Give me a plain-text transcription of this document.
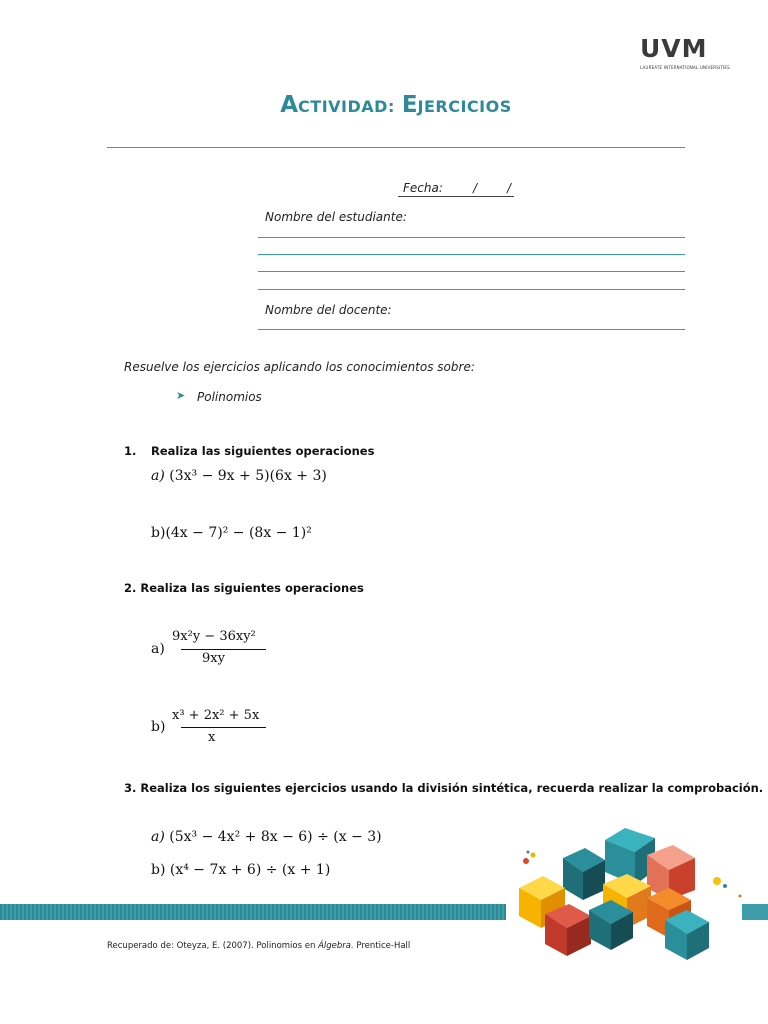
UVM
LAUREATE INTERNATIONAL UNIVERSITIES
ACTIVIDAD: EJERCICIOS
Fecha:	/ /
Nombre del estudiante:
Nombre del docente:
Resuelve los ejercicios aplicando los conocimientos sobre:
➤ Polinomios
1. Realiza las siguientes operaciones
a) (3x³ − 9x + 5)(6x + 3)
b)(4x − 7)² − (8x − 1)²
2. Realiza las siguientes operaciones
a)
9x²y − 36xy²
9xy
b)
x³ + 2x² + 5x
x
3. Realiza los siguientes ejercicios usando la división sintética, recuerda realizar la comprobación.
a) (5x³ − 4x² + 8x − 6) ÷ (x − 3)
b) (x⁴ − 7x + 6) ÷ (x + 1)
Recuperado de: Oteyza, E. (2007). Polinomios en Álgebra. Prentice-Hall
